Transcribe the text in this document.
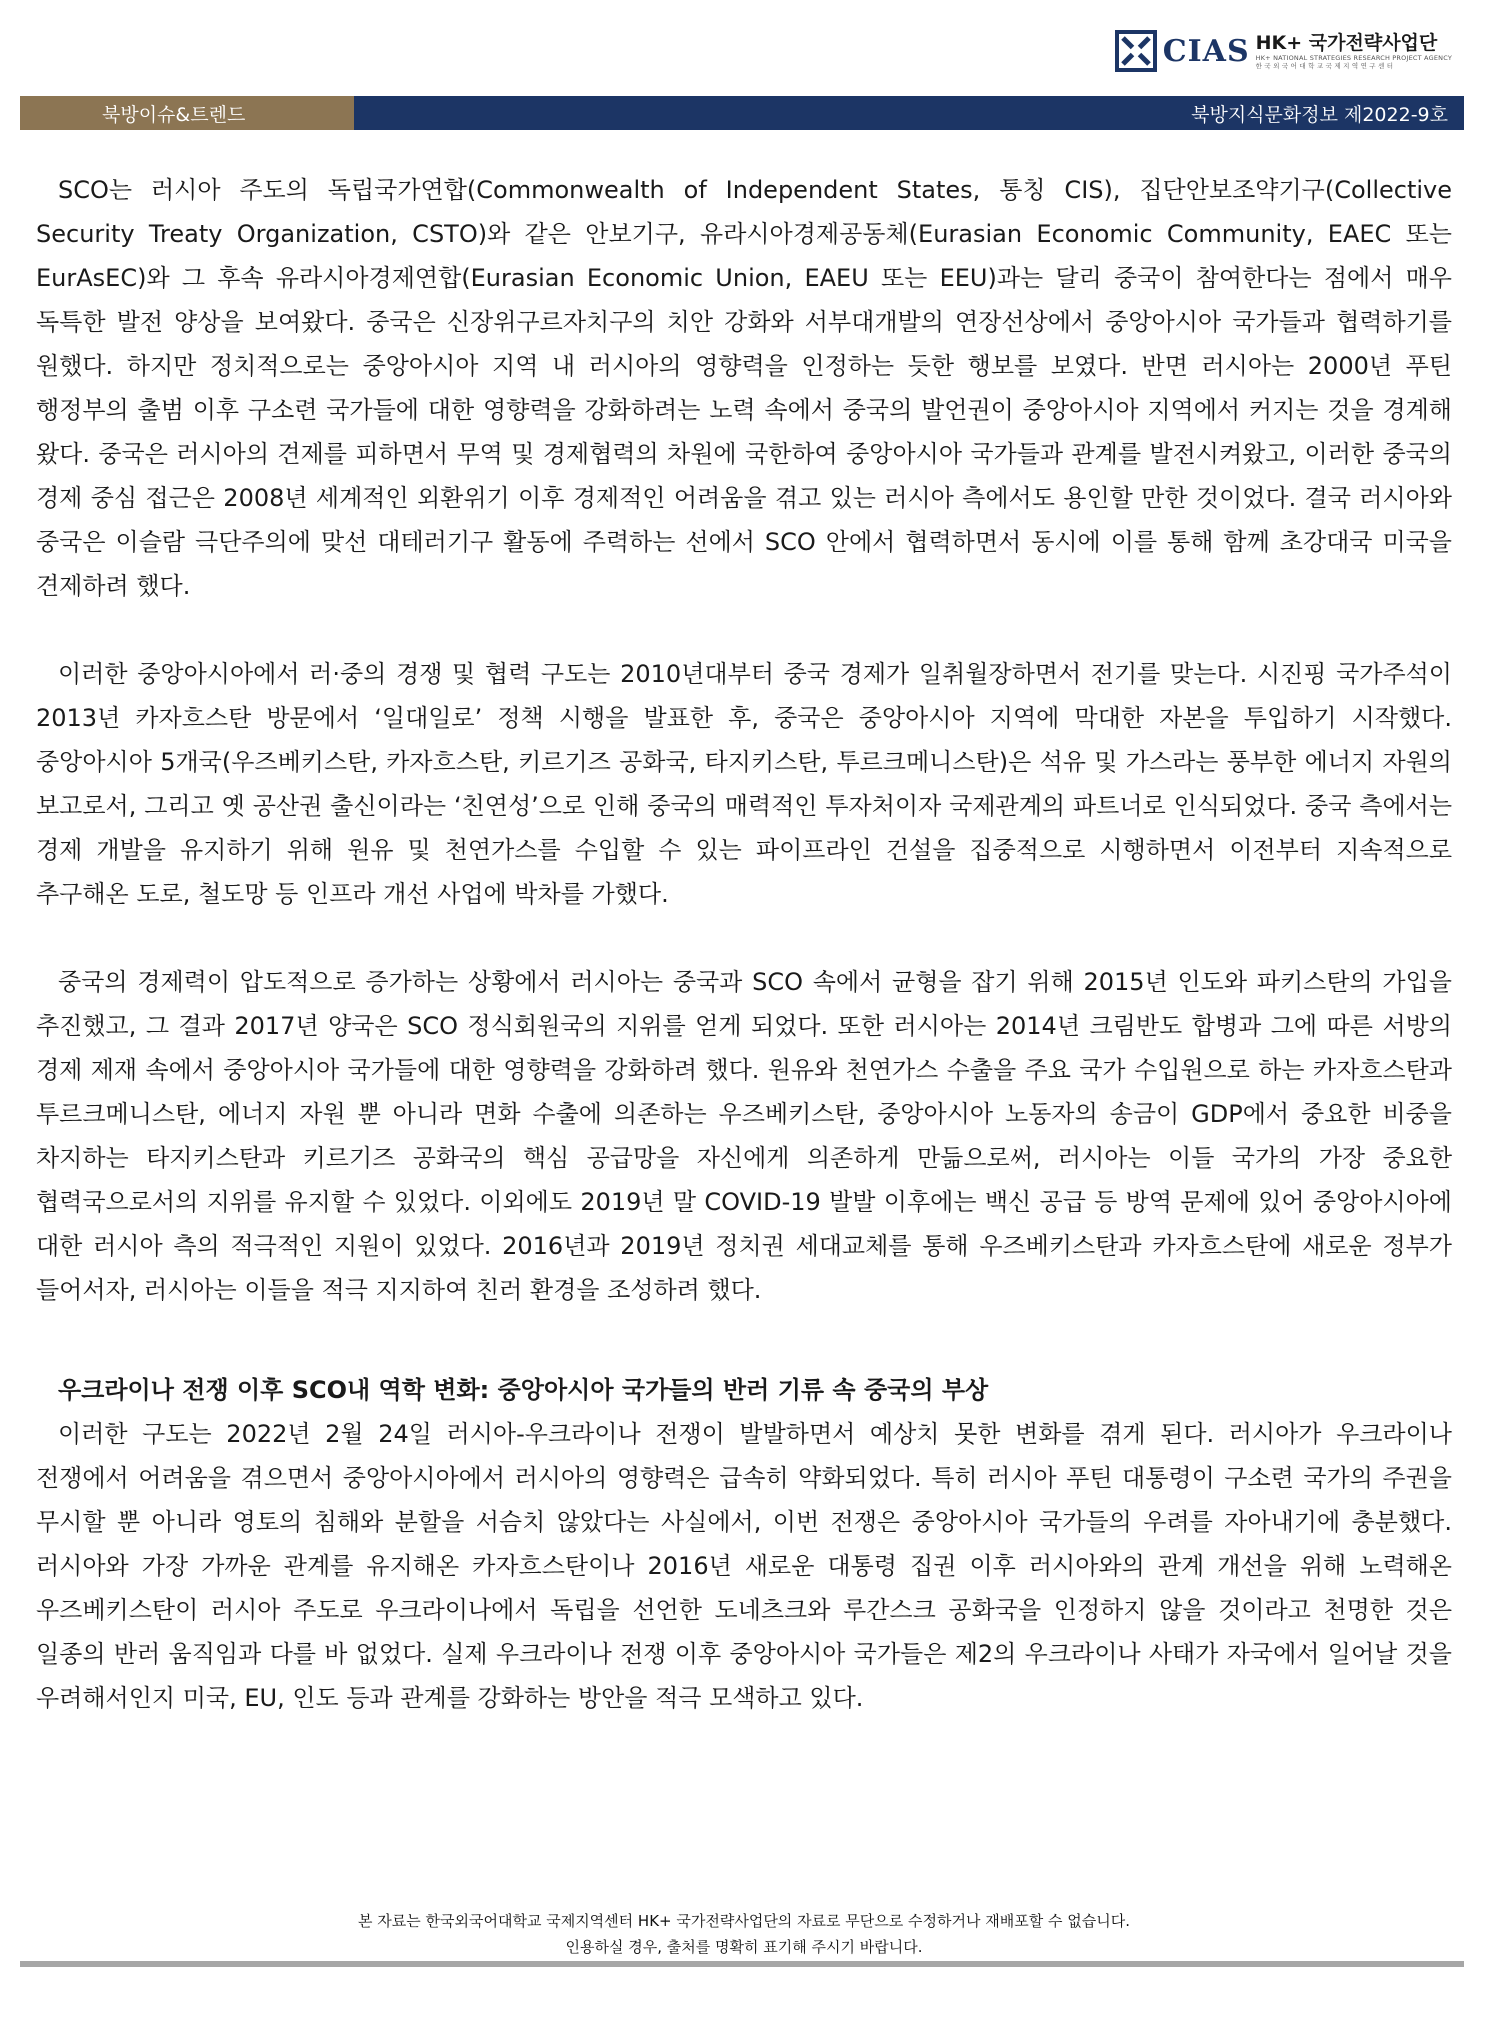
CIAS HK+ 국가전략사업단
HK+ NATIONAL STRATEGIES RESEARCH PROJECT AGENCY
한 국 외 국 어 대 학 교 국 제 지 역 연 구 센 터
북방이슈&트렌드	북방지식문화정보 제2022-9호

SCO는 러시아 주도의 독립국가연합(Commonwealth of Independent States, 통칭 CIS), 집단안보조약기구(Collective Security Treaty Organization, CSTO)와 같은 안보기구, 유라시아경제공동체(Eurasian Economic Community, EAEC 또는 EurAsEC)와 그 후속 유라시아경제연합(Eurasian Economic Union, EAEU 또는 EEU)과는 달리 중국이 참여한다는 점에서 매우 독특한 발전 양상을 보여왔다. 중국은 신장위구르자치구의 치안 강화와 서부대개발의 연장선상에서 중앙아시아 국가들과 협력하기를 원했다. 하지만 정치적으로는 중앙아시아 지역 내 러시아의 영향력을 인정하는 듯한 행보를 보였다. 반면 러시아는 2000년 푸틴 행정부의 출범 이후 구소련 국가들에 대한 영향력을 강화하려는 노력 속에서 중국의 발언권이 중앙아시아 지역에서 커지는 것을 경계해 왔다. 중국은 러시아의 견제를 피하면서 무역 및 경제협력의 차원에 국한하여 중앙아시아 국가들과 관계를 발전시켜왔고, 이러한 중국의 경제 중심 접근은 2008년 세계적인 외환위기 이후 경제적인 어려움을 겪고 있는 러시아 측에서도 용인할 만한 것이었다. 결국 러시아와 중국은 이슬람 극단주의에 맞선 대테러기구 활동에 주력하는 선에서 SCO 안에서 협력하면서 동시에 이를 통해 함께 초강대국 미국을 견제하려 했다.

이러한 중앙아시아에서 러·중의 경쟁 및 협력 구도는 2010년대부터 중국 경제가 일취월장하면서 전기를 맞는다. 시진핑 국가주석이 2013년 카자흐스탄 방문에서 ‘일대일로’ 정책 시행을 발표한 후, 중국은 중앙아시아 지역에 막대한 자본을 투입하기 시작했다. 중앙아시아 5개국(우즈베키스탄, 카자흐스탄, 키르기즈 공화국, 타지키스탄, 투르크메니스탄)은 석유 및 가스라는 풍부한 에너지 자원의 보고로서, 그리고 옛 공산권 출신이라는 ‘친연성’으로 인해 중국의 매력적인 투자처이자 국제관계의 파트너로 인식되었다. 중국 측에서는 경제 개발을 유지하기 위해 원유 및 천연가스를 수입할 수 있는 파이프라인 건설을 집중적으로 시행하면서 이전부터 지속적으로 추구해온 도로, 철도망 등 인프라 개선 사업에 박차를 가했다.

중국의 경제력이 압도적으로 증가하는 상황에서 러시아는 중국과 SCO 속에서 균형을 잡기 위해 2015년 인도와 파키스탄의 가입을 추진했고, 그 결과 2017년 양국은 SCO 정식회원국의 지위를 얻게 되었다. 또한 러시아는 2014년 크림반도 합병과 그에 따른 서방의 경제 제재 속에서 중앙아시아 국가들에 대한 영향력을 강화하려 했다. 원유와 천연가스 수출을 주요 국가 수입원으로 하는 카자흐스탄과 투르크메니스탄, 에너지 자원 뿐 아니라 면화 수출에 의존하는 우즈베키스탄, 중앙아시아 노동자의 송금이 GDP에서 중요한 비중을 차지하는 타지키스탄과 키르기즈 공화국의 핵심 공급망을 자신에게 의존하게 만듦으로써, 러시아는 이들 국가의 가장 중요한 협력국으로서의 지위를 유지할 수 있었다. 이외에도 2019년 말 COVID-19 발발 이후에는 백신 공급 등 방역 문제에 있어 중앙아시아에 대한 러시아 측의 적극적인 지원이 있었다. 2016년과 2019년 정치권 세대교체를 통해 우즈베키스탄과 카자흐스탄에 새로운 정부가 들어서자, 러시아는 이들을 적극 지지하여 친러 환경을 조성하려 했다.

우크라이나 전쟁 이후 SCO내 역학 변화: 중앙아시아 국가들의 반러 기류 속 중국의 부상

이러한 구도는 2022년 2월 24일 러시아-우크라이나 전쟁이 발발하면서 예상치 못한 변화를 겪게 된다. 러시아가 우크라이나 전쟁에서 어려움을 겪으면서 중앙아시아에서 러시아의 영향력은 급속히 약화되었다. 특히 러시아 푸틴 대통령이 구소련 국가의 주권을 무시할 뿐 아니라 영토의 침해와 분할을 서슴치 않았다는 사실에서, 이번 전쟁은 중앙아시아 국가들의 우려를 자아내기에 충분했다. 러시아와 가장 가까운 관계를 유지해온 카자흐스탄이나 2016년 새로운 대통령 집권 이후 러시아와의 관계 개선을 위해 노력해온 우즈베키스탄이 러시아 주도로 우크라이나에서 독립을 선언한 도네츠크와 루간스크 공화국을 인정하지 않을 것이라고 천명한 것은 일종의 반러 움직임과 다를 바 없었다. 실제 우크라이나 전쟁 이후 중앙아시아 국가들은 제2의 우크라이나 사태가 자국에서 일어날 것을 우려해서인지 미국, EU, 인도 등과 관계를 강화하는 방안을 적극 모색하고 있다.

본 자료는 한국외국어대학교 국제지역센터 HK+ 국가전략사업단의 자료로 무단으로 수정하거나 재배포할 수 없습니다.
인용하실 경우, 출처를 명확히 표기해 주시기 바랍니다.
